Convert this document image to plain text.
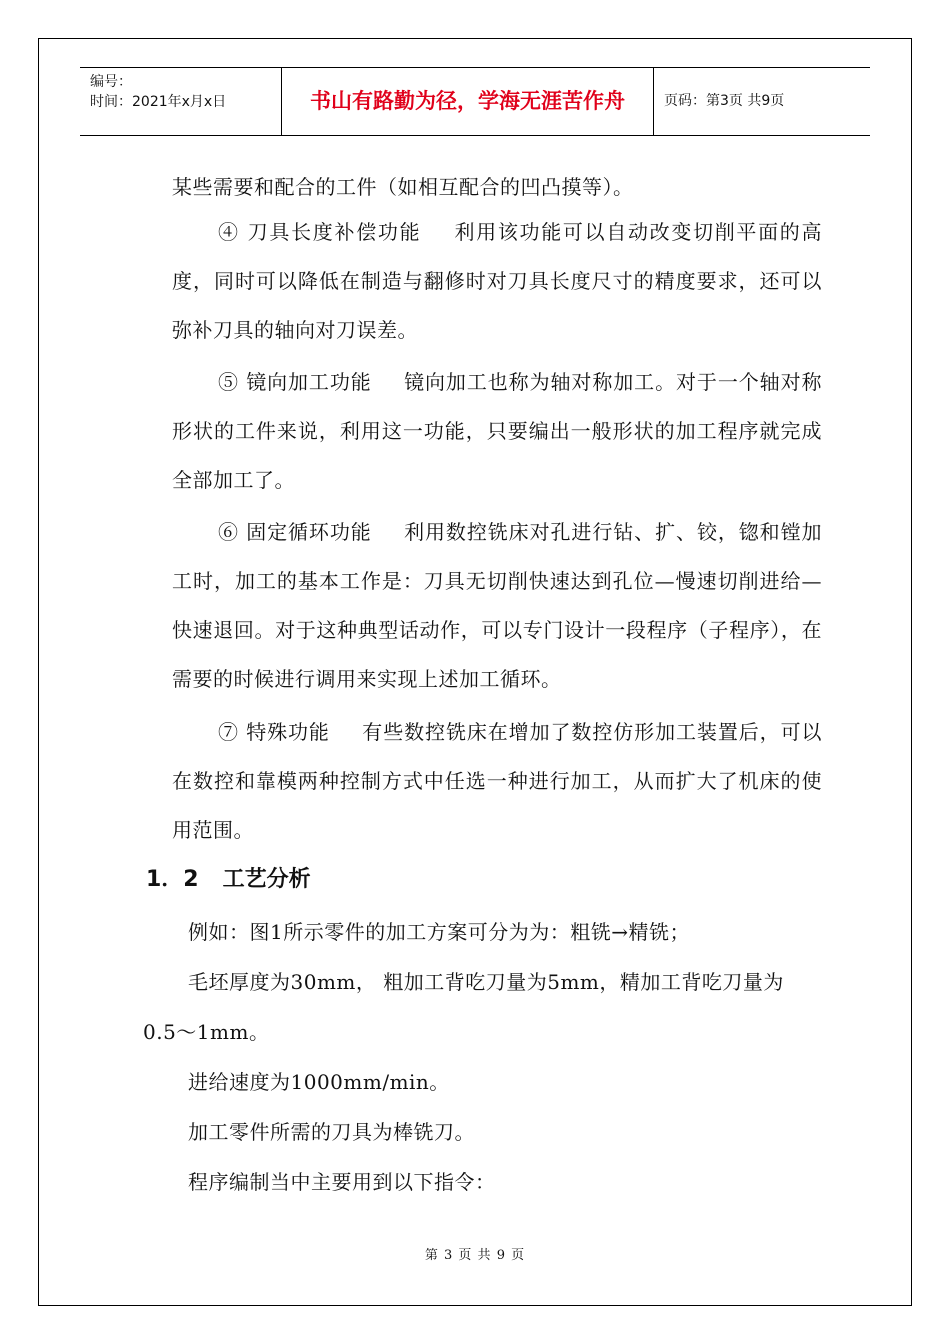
编号：
时间：2021年x月x日	书山有路勤为径，学海无涯苦作舟	页码：第3页 共9页

某些需要和配合的工件（如相互配合的凹凸摸等）。

④ 刀具长度补偿功能 利用该功能可以自动改变切削平面的高度，同时可以降低在制造与翻修时对刀具长度尺寸的精度要求，还可以弥补刀具的轴向对刀误差。

⑤ 镜向加工功能 镜向加工也称为轴对称加工。对于一个轴对称形状的工件来说，利用这一功能，只要编出一般形状的加工程序就完成全部加工了。

⑥ 固定循环功能 利用数控铣床对孔进行钻、扩、铰，锪和镗加工时，加工的基本工作是：刀具无切削快速达到孔位—慢速切削进给—快速退回。对于这种典型话动作，可以专门设计一段程序（子程序），在需要的时候进行调用来实现上述加工循环。

⑦ 特殊功能 有些数控铣床在增加了数控仿形加工装置后，可以在数控和靠模两种控制方式中任选一种进行加工，从而扩大了机床的使用范围。

1．2 工艺分析

例如：图1所示零件的加工方案可分为为：粗铣→精铣；

毛坯厚度为30mm， 粗加工背吃刀量为5mm，精加工背吃刀量为

0.5～1mm。

进给速度为1000mm/min。

加工零件所需的刀具为棒铣刀。

程序编制当中主要用到以下指令：

第 3 页 共 9 页
